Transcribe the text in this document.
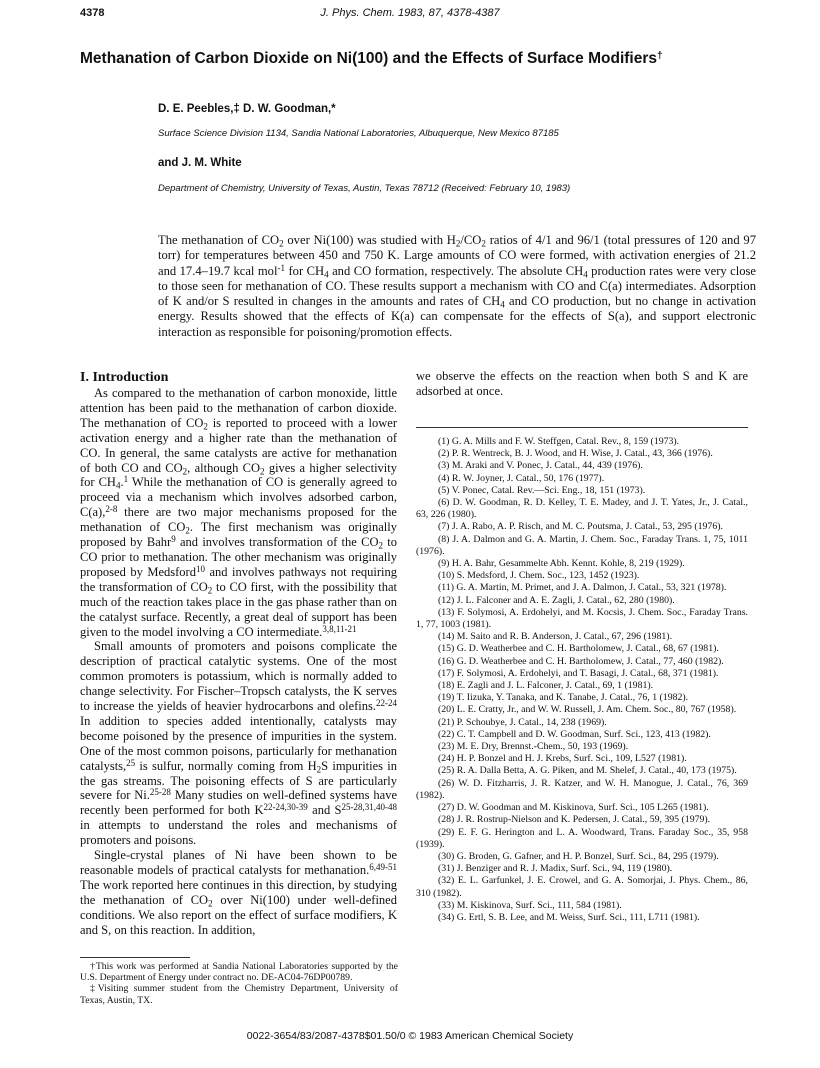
4378	J. Phys. Chem. 1983, 87, 4378-4387
Methanation of Carbon Dioxide on Ni(100) and the Effects of Surface Modifiers†
D. E. Peebles,‡ D. W. Goodman,*
Surface Science Division 1134, Sandia National Laboratories, Albuquerque, New Mexico 87185
and J. M. White
Department of Chemistry, University of Texas, Austin, Texas 78712 (Received: February 10, 1983)
The methanation of $CO_2$ over Ni(100) was studied with $H_2/CO_2$ ratios of 4/1 and 96/1 (total pressures of 120 and 97 torr) for temperatures between 450 and 750 K. Large amounts of CO were formed, with activation energies of 21.2 and 17.4–19.7 kcal mol$^{-1}$ for $CH_4$ and CO formation, respectively. The absolute $CH_4$ production rates were very close to those seen for methanation of CO. These results support a mechanism with CO and C(a) intermediates. Adsorption of K and/or S resulted in changes in the amounts and rates of $CH_4$ and CO production, but no change in activation energy. Results showed that the effects of K(a) can compensate for the effects of S(a), and support electronic interaction as responsible for poisoning/promotion effects.
I. Introduction

As compared to the methanation of carbon monoxide, little attention has been paid to the methanation of carbon dioxide. The methanation of $CO_2$ is reported to proceed with a lower activation energy and a higher rate than the methanation of CO. In general, the same catalysts are active for methanation of both CO and $CO_2$, although $CO_2$ gives a higher selectivity for $CH_4.^1$ While the methanation of CO is generally agreed to proceed via a mechanism which involves adsorbed carbon, C(a),$^{2-8}$ there are two major mechanisms proposed for the methanation of $CO_2$. The first mechanism was originally proposed by Bahr$^9$ and involves transformation of the $CO_2$ to CO prior to methanation. The other mechanism was originally proposed by Medsford$^{10}$ and involves pathways not requiring the transformation of $CO_2$ to CO first, with the possibility that much of the reaction takes place in the gas phase rather than on the catalyst surface. Recently, a great deal of support has been given to the model involving a CO intermediate.$^{3,8,11-21}$

Small amounts of promoters and poisons complicate the description of practical catalytic systems. One of the most common promoters is potassium, which is normally added to change selectivity. For Fischer–Tropsch catalysts, the K serves to increase the yields of heavier hydrocarbons and olefins.$^{22-24}$ In addition to species added intentionally, catalysts may become poisoned by the presence of impurities in the system. One of the most common poisons, particularly for methanation catalysts,$^{25}$ is sulfur, normally coming from $H_2S$ impurities in the gas streams. The poisoning effects of S are particularly severe for Ni.$^{25-28}$ Many studies on well-defined systems have recently been performed for both K$^{22-24,30-39}$ and S$^{25-28,31,40-48}$ in attempts to understand the roles and mechanisms of promoters and poisons.

Single-crystal planes of Ni have been shown to be reasonable models of practical catalysts for methanation.$^{6,49-51}$ The work reported here continues in this direction, by studying the methanation of $CO_2$ over Ni(100) under well-defined conditions. We also report on the effect of surface modifiers, K and S, on this reaction. In addition,

†This work was performed at Sandia National Laboratories supported by the U.S. Department of Energy under contract no. DE-AC04-76DP00789.

‡Visiting summer student from the Chemistry Department, University of Texas, Austin, TX.

we observe the effects on the reaction when both S and K are adsorbed at once.

(1) G. A. Mills and F. W. Steffgen, Catal. Rev., 8, 159 (1973).
(2) P. R. Wentreck, B. J. Wood, and H. Wise, J. Catal., 43, 366 (1976).
(3) M. Araki and V. Ponec, J. Catal., 44, 439 (1976).
(4) R. W. Joyner, J. Catal., 50, 176 (1977).
(5) V. Ponec, Catal. Rev.—Sci. Eng., 18, 151 (1973).
(6) D. W. Goodman, R. D. Kelley, T. E. Madey, and J. T. Yates, Jr., J. Catal., 63, 226 (1980).
(7) J. A. Rabo, A. P. Risch, and M. C. Poutsma, J. Catal., 53, 295 (1976).
(8) J. A. Dalmon and G. A. Martin, J. Chem. Soc., Faraday Trans. 1, 75, 1011 (1976).
(9) H. A. Bahr, Gesammelte Abh. Kennt. Kohle, 8, 219 (1929).
(10) S. Medsford, J. Chem. Soc., 123, 1452 (1923).
(11) G. A. Martin, M. Primet, and J. A. Dalmon, J. Catal., 53, 321 (1978).
(12) J. L. Falconer and A. E. Zagli, J. Catal., 62, 280 (1980).
(13) F. Solymosi, A. Erdohelyi, and M. Kocsis, J. Chem. Soc., Faraday Trans. 1, 77, 1003 (1981).
(14) M. Saito and R. B. Anderson, J. Catal., 67, 296 (1981).
(15) G. D. Weatherbee and C. H. Bartholomew, J. Catal., 68, 67 (1981).
(16) G. D. Weatherbee and C. H. Bartholomew, J. Catal., 77, 460 (1982).
(17) F. Solymosi, A. Erdohelyi, and T. Basagi, J. Catal., 68, 371 (1981).
(18) E. Zagli and J. L. Falconer, J. Catal., 69, 1 (1981).
(19) T. Iizuka, Y. Tanaka, and K. Tanabe, J. Catal., 76, 1 (1982).
(20) L. E. Cratty, Jr., and W. W. Russell, J. Am. Chem. Soc., 80, 767 (1958).
(21) P. Schoubye, J. Catal., 14, 238 (1969).
(22) C. T. Campbell and D. W. Goodman, Surf. Sci., 123, 413 (1982).
(23) M. E. Dry, Brennst.-Chem., 50, 193 (1969).
(24) H. P. Bonzel and H. J. Krebs, Surf. Sci., 109, L527 (1981).
(25) R. A. Dalla Betta, A. G. Piken, and M. Shelef, J. Catal., 40, 173 (1975).
(26) W. D. Fitzharris, J. R. Katzer, and W. H. Manogue, J. Catal., 76, 369 (1982).
(27) D. W. Goodman and M. Kiskinova, Surf. Sci., 105 L265 (1981).
(28) J. R. Rostrup-Nielson and K. Pedersen, J. Catal., 59, 395 (1979).
(29) E. F. G. Herington and L. A. Woodward, Trans. Faraday Soc., 35, 958 (1939).
(30) G. Broden, G. Gafner, and H. P. Bonzel, Surf. Sci., 84, 295 (1979).
(31) J. Benziger and R. J. Madix, Surf. Sci., 94, 119 (1980).
(32) E. L. Garfunkel, J. E. Crowel, and G. A. Somorjai, J. Phys. Chem., 86, 310 (1982).
(33) M. Kiskinova, Surf. Sci., 111, 584 (1981).
(34) G. Ertl, S. B. Lee, and M. Weiss, Surf. Sci., 111, L711 (1981).
0022-3654/83/2087-4378$01.50/0 © 1983 American Chemical Society
